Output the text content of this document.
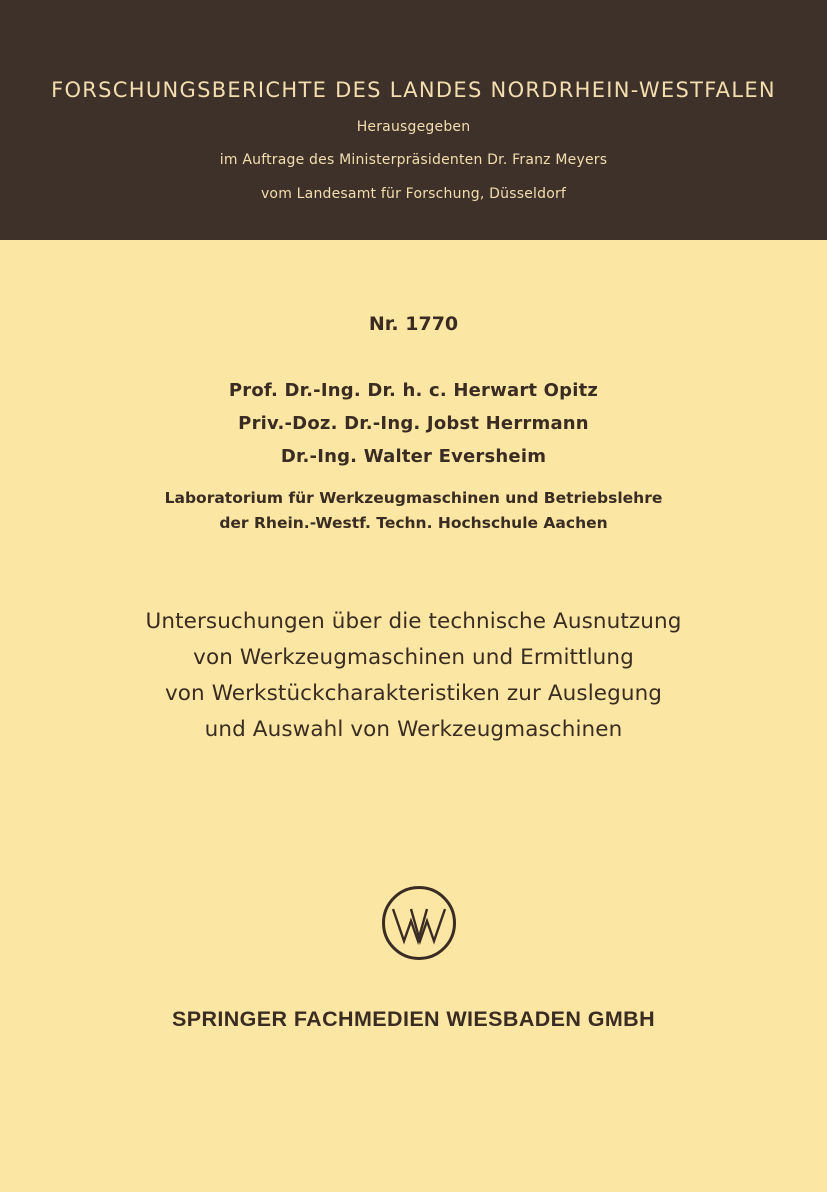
FORSCHUNGSBERICHTE DES LANDES NORDRHEIN-WESTFALEN
Herausgegeben
im Auftrage des Ministerpräsidenten Dr. Franz Meyers
vom Landesamt für Forschung, Düsseldorf
Nr. 1770
Prof. Dr.-Ing. Dr. h. c. Herwart Opitz
Priv.-Doz. Dr.-Ing. Jobst Herrmann
Dr.-Ing. Walter Eversheim
Laboratorium für Werkzeugmaschinen und Betriebslehre
der Rhein.-Westf. Techn. Hochschule Aachen
Untersuchungen über die technische Ausnutzung
von Werkzeugmaschinen und Ermittlung
von Werkstückcharakteristiken zur Auslegung
und Auswahl von Werkzeugmaschinen
SPRINGER FACHMEDIEN WIESBADEN GMBH
